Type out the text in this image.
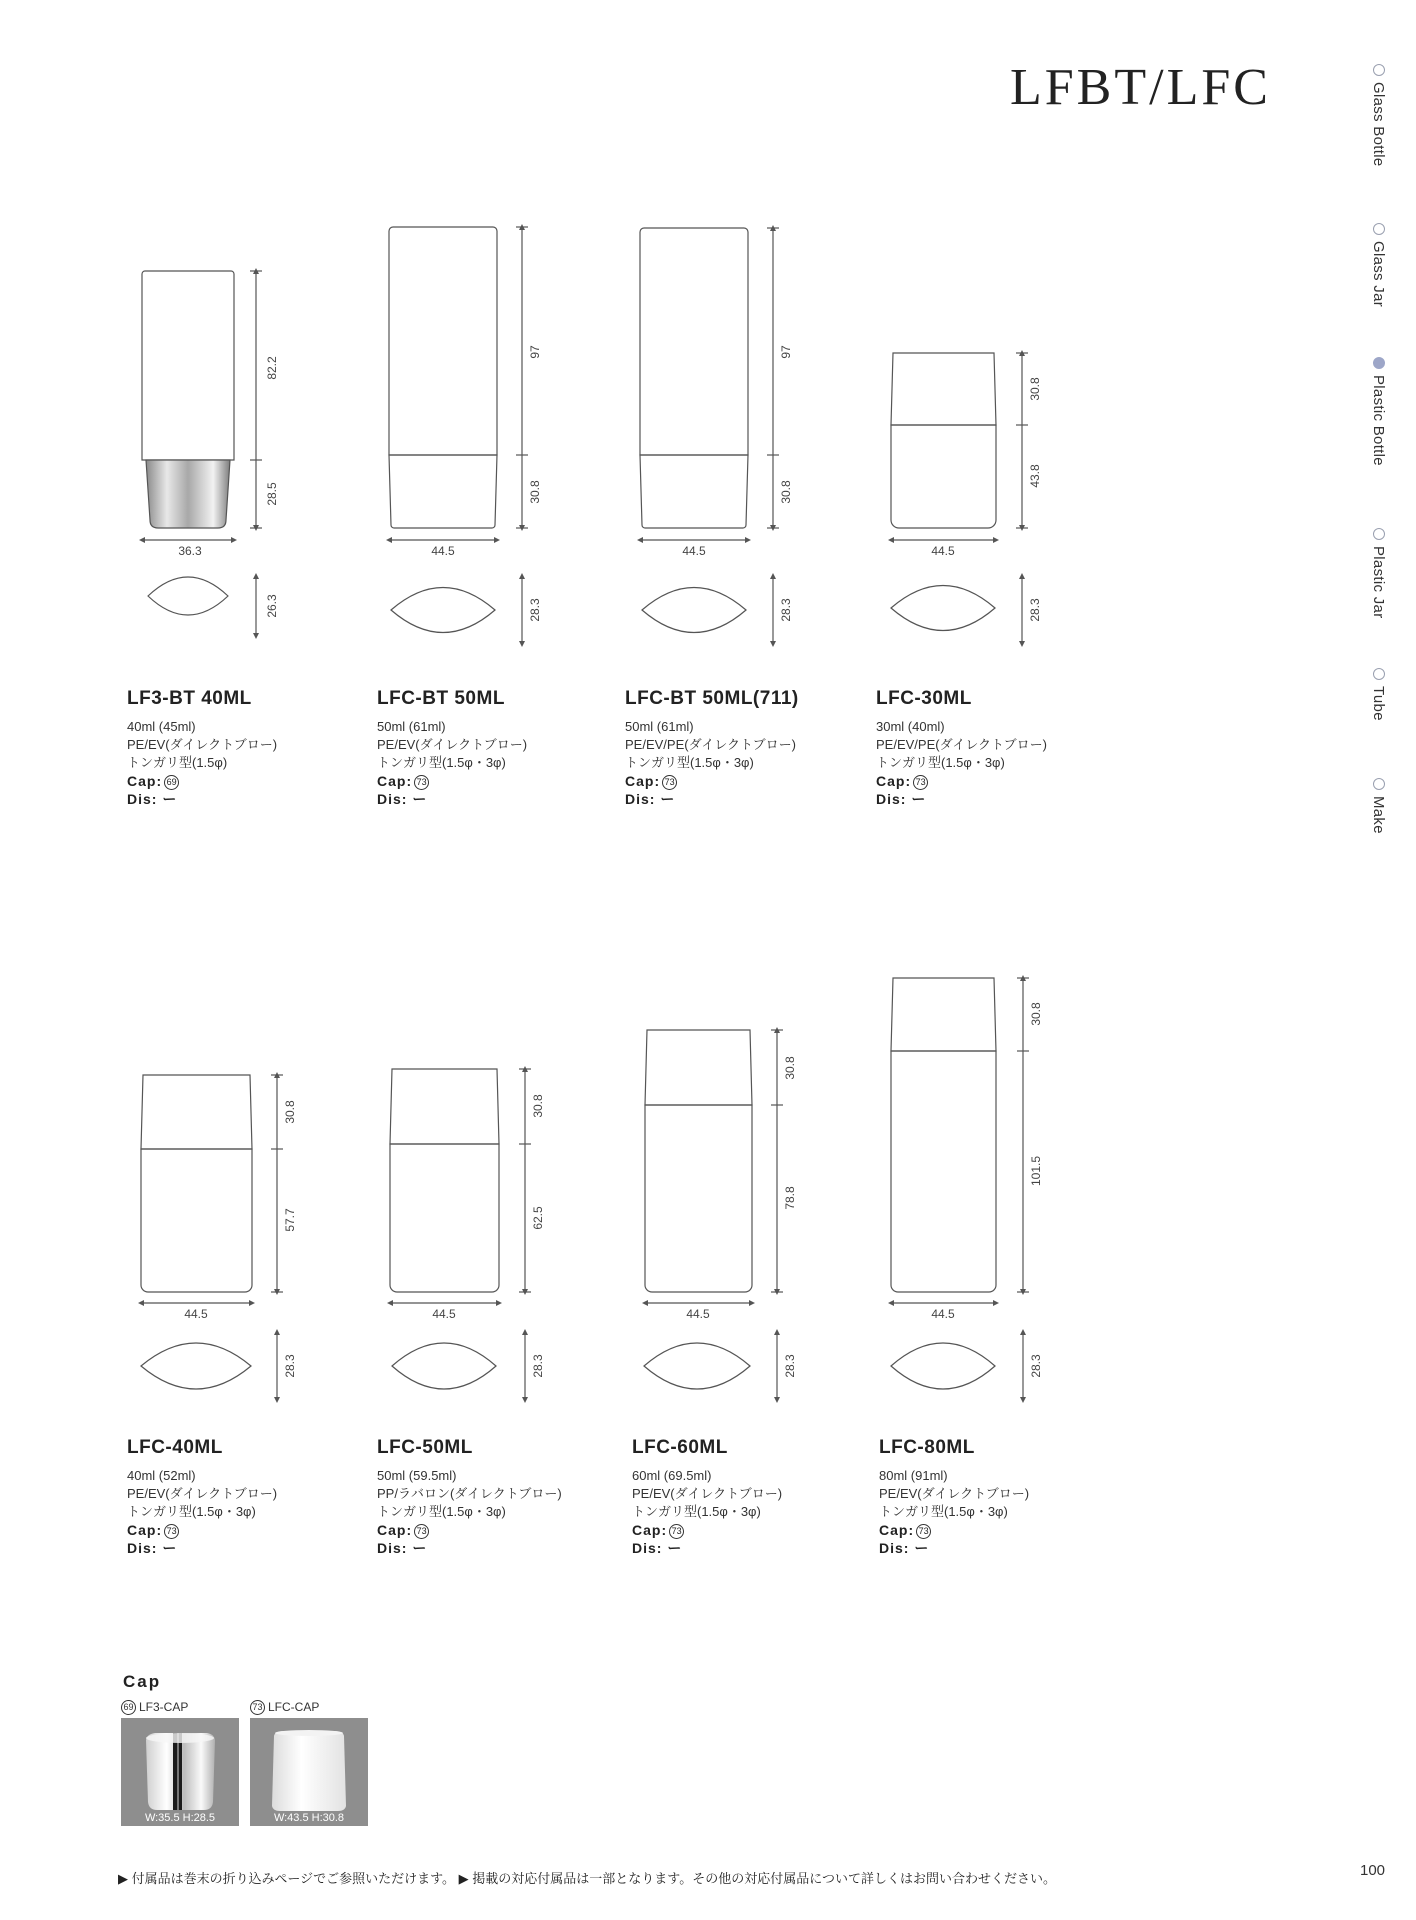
LFBT/LFC	Glass Bottle
Glass Jar
Plastic Bottle
Plastic Jar
Tube
Make
82.2
28.5
36.3
26.3
97
30.8
44.5
28.3
97
30.8
44.5
28.3
30.8
43.8
44.5
28.3
30.8
57.7
44.5
28.3
30.8
62.5
44.5
28.3
30.8
78.8
44.5
28.3
30.8
101.5
44.5
28.3
LF3-BT 40ML
40ml (45ml)
PE/EV(ダイレクトブロー)
トンガリ型(1.5φ)
Cap: 69
Dis: ー
LFC-BT 50ML
50ml (61ml)
PE/EV(ダイレクトブロー)
トンガリ型(1.5φ・3φ)
Cap: 73
Dis: ー
LFC-BT 50ML(711)
50ml (61ml)
PE/EV/PE(ダイレクトブロー)
トンガリ型(1.5φ・3φ)
Cap: 73
Dis: ー
LFC-30ML
30ml (40ml)
PE/EV/PE(ダイレクトブロー)
トンガリ型(1.5φ・3φ)
Cap: 73
Dis: ー
LFC-40ML
40ml (52ml)
PE/EV(ダイレクトブロー)
トンガリ型(1.5φ・3φ)
Cap: 73
Dis: ー
LFC-50ML
50ml (59.5ml)
PP/ラバロン(ダイレクトブロー)
トンガリ型(1.5φ・3φ)
Cap: 73
Dis: ー
LFC-60ML
60ml (69.5ml)
PE/EV(ダイレクトブロー)
トンガリ型(1.5φ・3φ)
Cap: 73
Dis: ー
LFC-80ML
80ml (91ml)
PE/EV(ダイレクトブロー)
トンガリ型(1.5φ・3φ)
Cap: 73
Dis: ー
Cap
69 LF3-CAP
W:35.5 H:28.5
73 LFC-CAP
W:43.5 H:30.8
▶ 付属品は巻末の折り込みページでご参照いただけます。 ▶ 掲載の対応付属品は一部となります。その他の対応付属品について詳しくはお問い合わせください。	100
